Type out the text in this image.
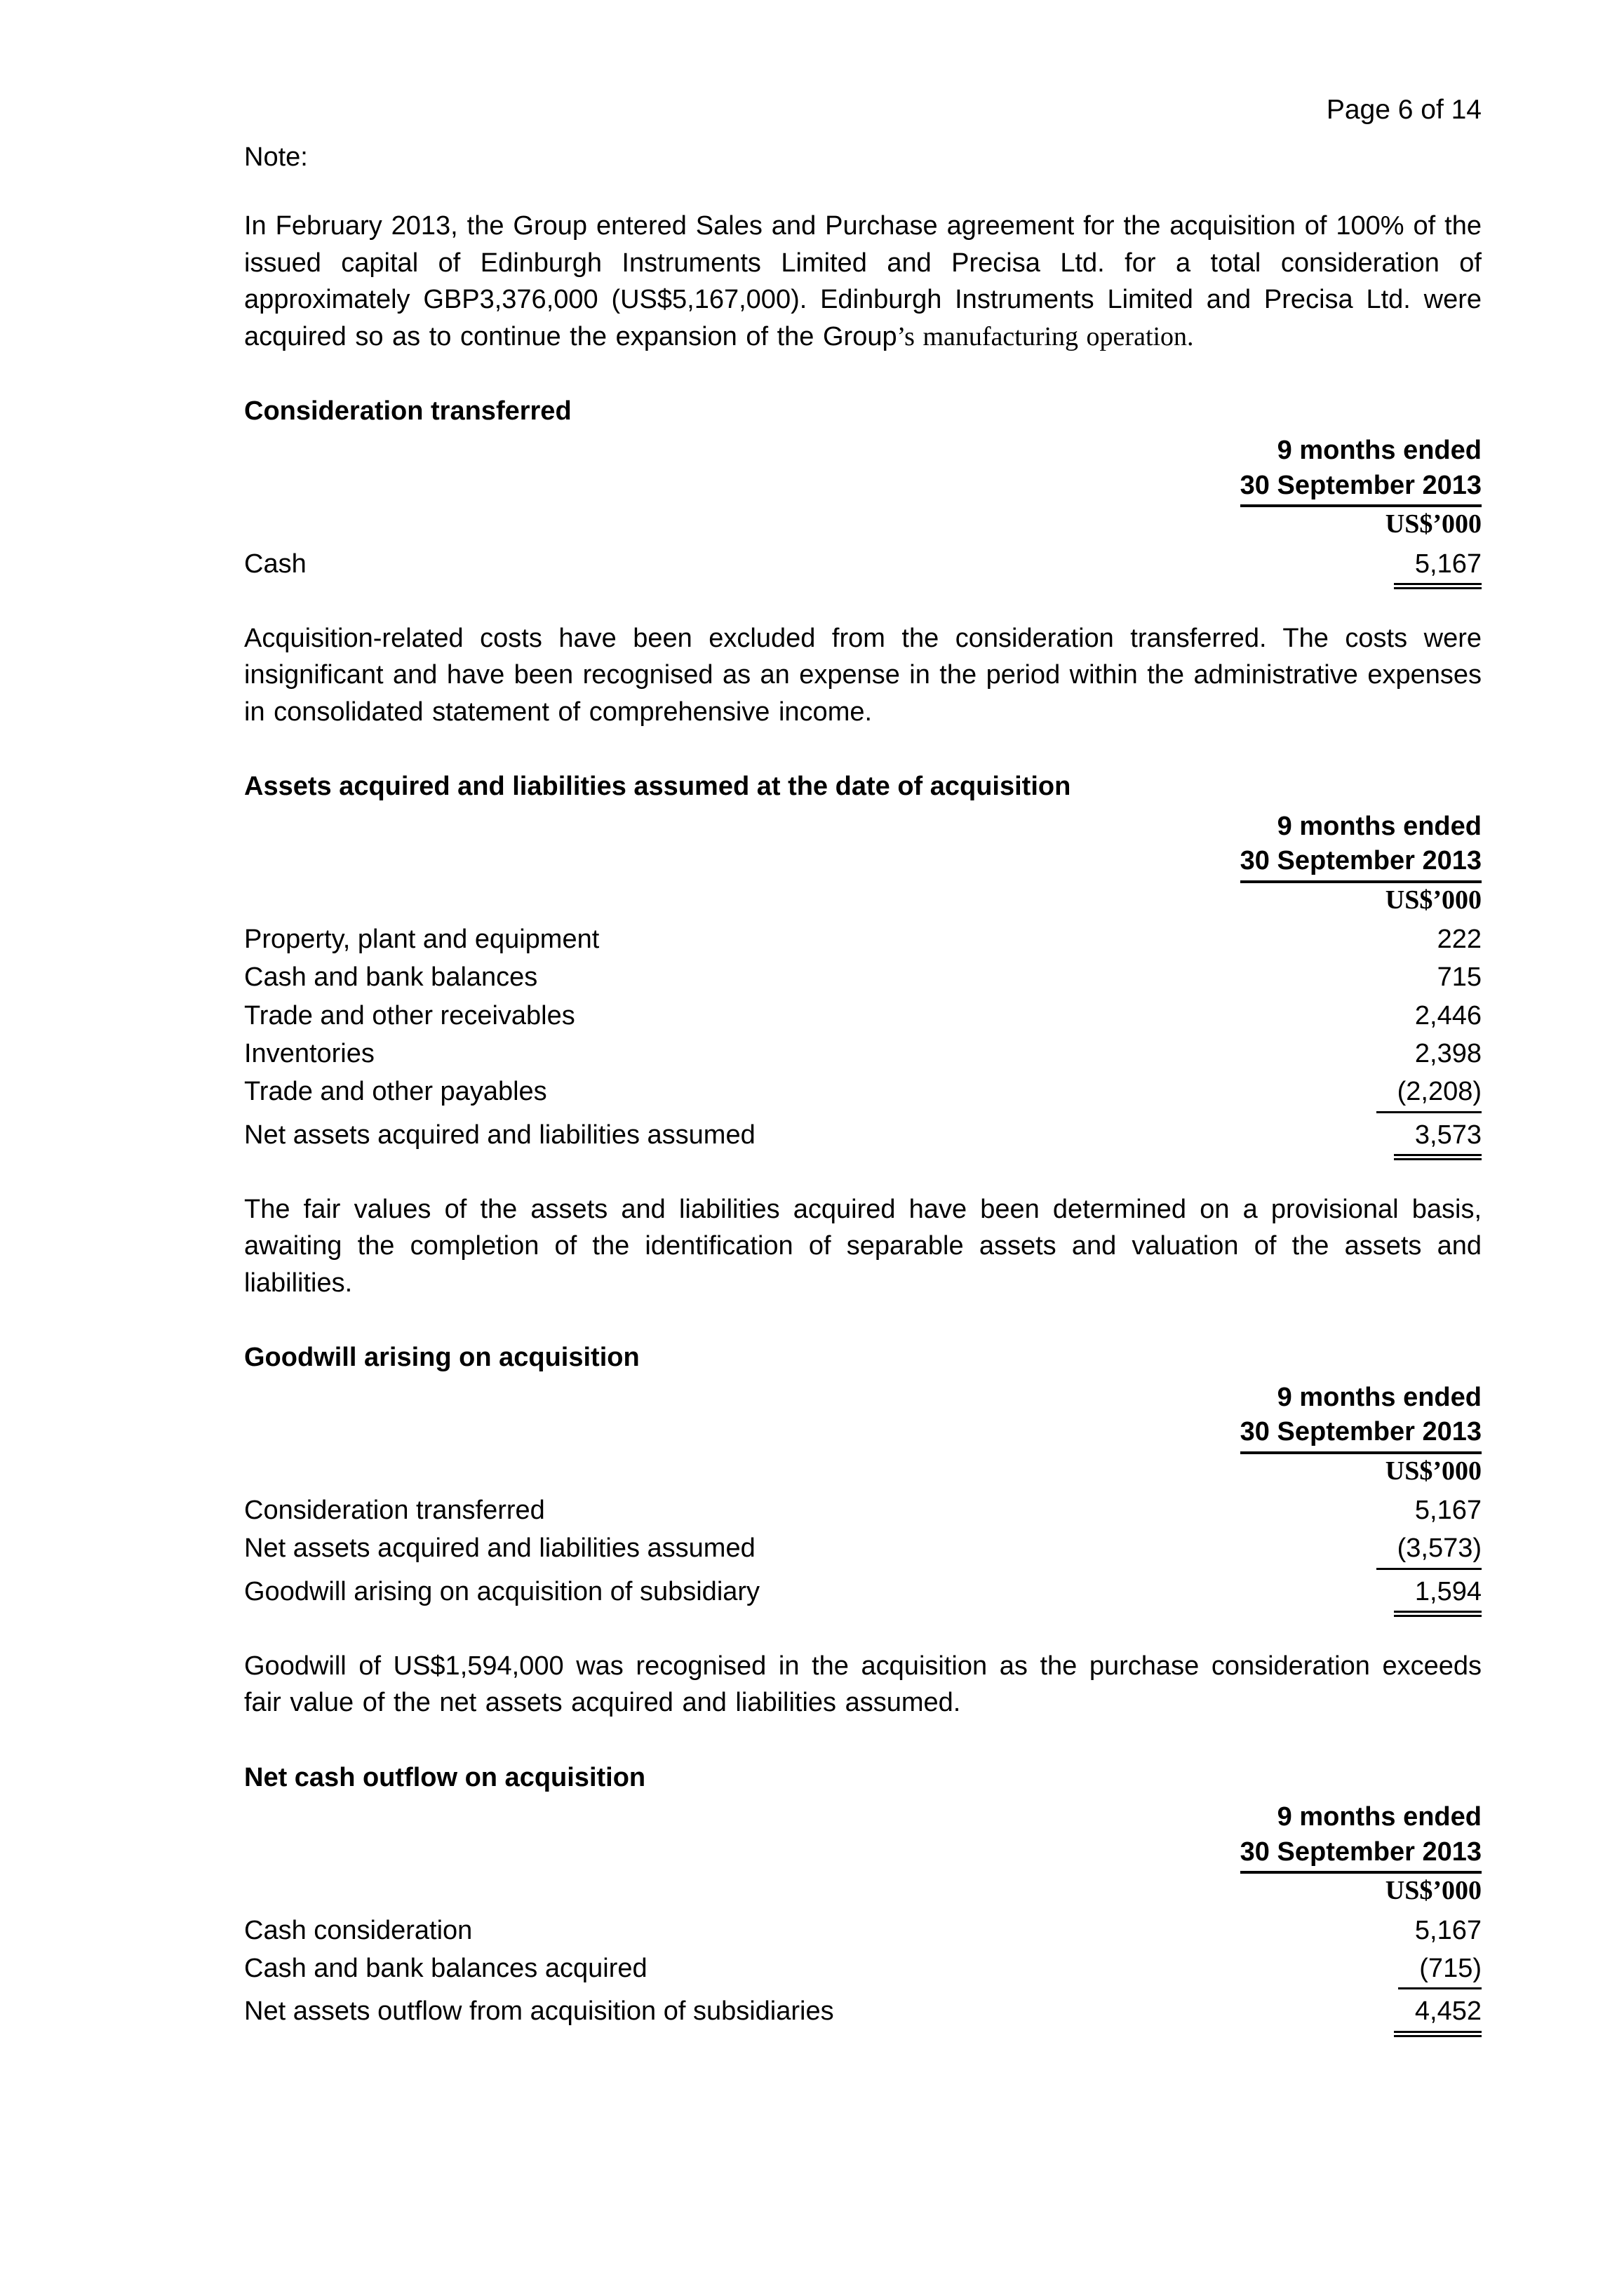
Page 6 of 14
Note:

In February 2013, the Group entered Sales and Purchase agreement for the acquisition of 100% of the issued capital of Edinburgh Instruments Limited and Precisa Ltd. for a total consideration of approximately GBP3,376,000 (US$5,167,000). Edinburgh Instruments Limited and Precisa Ltd. were acquired so as to continue the expansion of the Group’s manufacturing operation.

Consideration transferred
9 months ended
30 September 2013
US$’000
Cash	5,167

Acquisition-related costs have been excluded from the consideration transferred. The costs were insignificant and have been recognised as an expense in the period within the administrative expenses in consolidated statement of comprehensive income.

Assets acquired and liabilities assumed at the date of acquisition
9 months ended
30 September 2013
US$’000
Property, plant and equipment	222
Cash and bank balances	715
Trade and other receivables	2,446
Inventories	2,398
Trade and other payables	(2,208)
Net assets acquired and liabilities assumed	3,573

The fair values of the assets and liabilities acquired have been determined on a provisional basis, awaiting the completion of the identification of separable assets and valuation of the assets and liabilities.

Goodwill arising on acquisition
9 months ended
30 September 2013
US$’000
Consideration transferred	5,167
Net assets acquired and liabilities assumed	(3,573)
Goodwill arising on acquisition of subsidiary	1,594

Goodwill of US$1,594,000 was recognised in the acquisition as the purchase consideration exceeds fair value of the net assets acquired and liabilities assumed.

Net cash outflow on acquisition
9 months ended
30 September 2013
US$’000
Cash consideration	5,167
Cash and bank balances acquired	(715)
Net assets outflow from acquisition of subsidiaries	4,452
